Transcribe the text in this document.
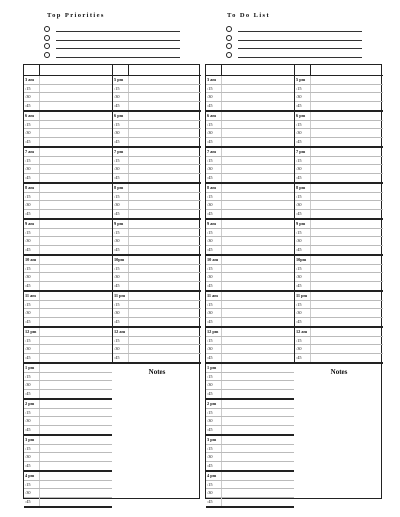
Top Priorities	To Do List
3 am
:15
:30
:45
6 am
:15
:30
:45
7 am
:15
:30
:45
8 am
:15
:30
:45
9 am
:15
:30
:45
10 am
:15
:30
:45
11 am
:15
:30
:45
12 pm
:15
:30
:45
1 pm
:15
:30
:45
2 pm
:15
:30
:45
3 pm
:15
:30
:45
4 pm
:15
:30
:45
5 pm
:15
:30
:45
6 pm
:15
:30
:45
7 pm
:15
:30
:45
8 pm
:15
:30
:45
9 pm
:15
:30
:45
10pm
:15
:30
:45
11 pm
:15
:30
:45
12 am
:15
:30
:45
Notes
3 am
:15
:30
:45
6 am
:15
:30
:45
7 am
:15
:30
:45
8 am
:15
:30
:45
9 am
:15
:30
:45
10 am
:15
:30
:45
11 am
:15
:30
:45
12 pm
:15
:30
:45
1 pm
:15
:30
:45
2 pm
:15
:30
:45
3 pm
:15
:30
:45
4 pm
:15
:30
:45
5 pm
:15
:30
:45
6 pm
:15
:30
:45
7 pm
:15
:30
:45
8 pm
:15
:30
:45
9 pm
:15
:30
:45
10pm
:15
:30
:45
11 pm
:15
:30
:45
12 am
:15
:30
:45
Notes
